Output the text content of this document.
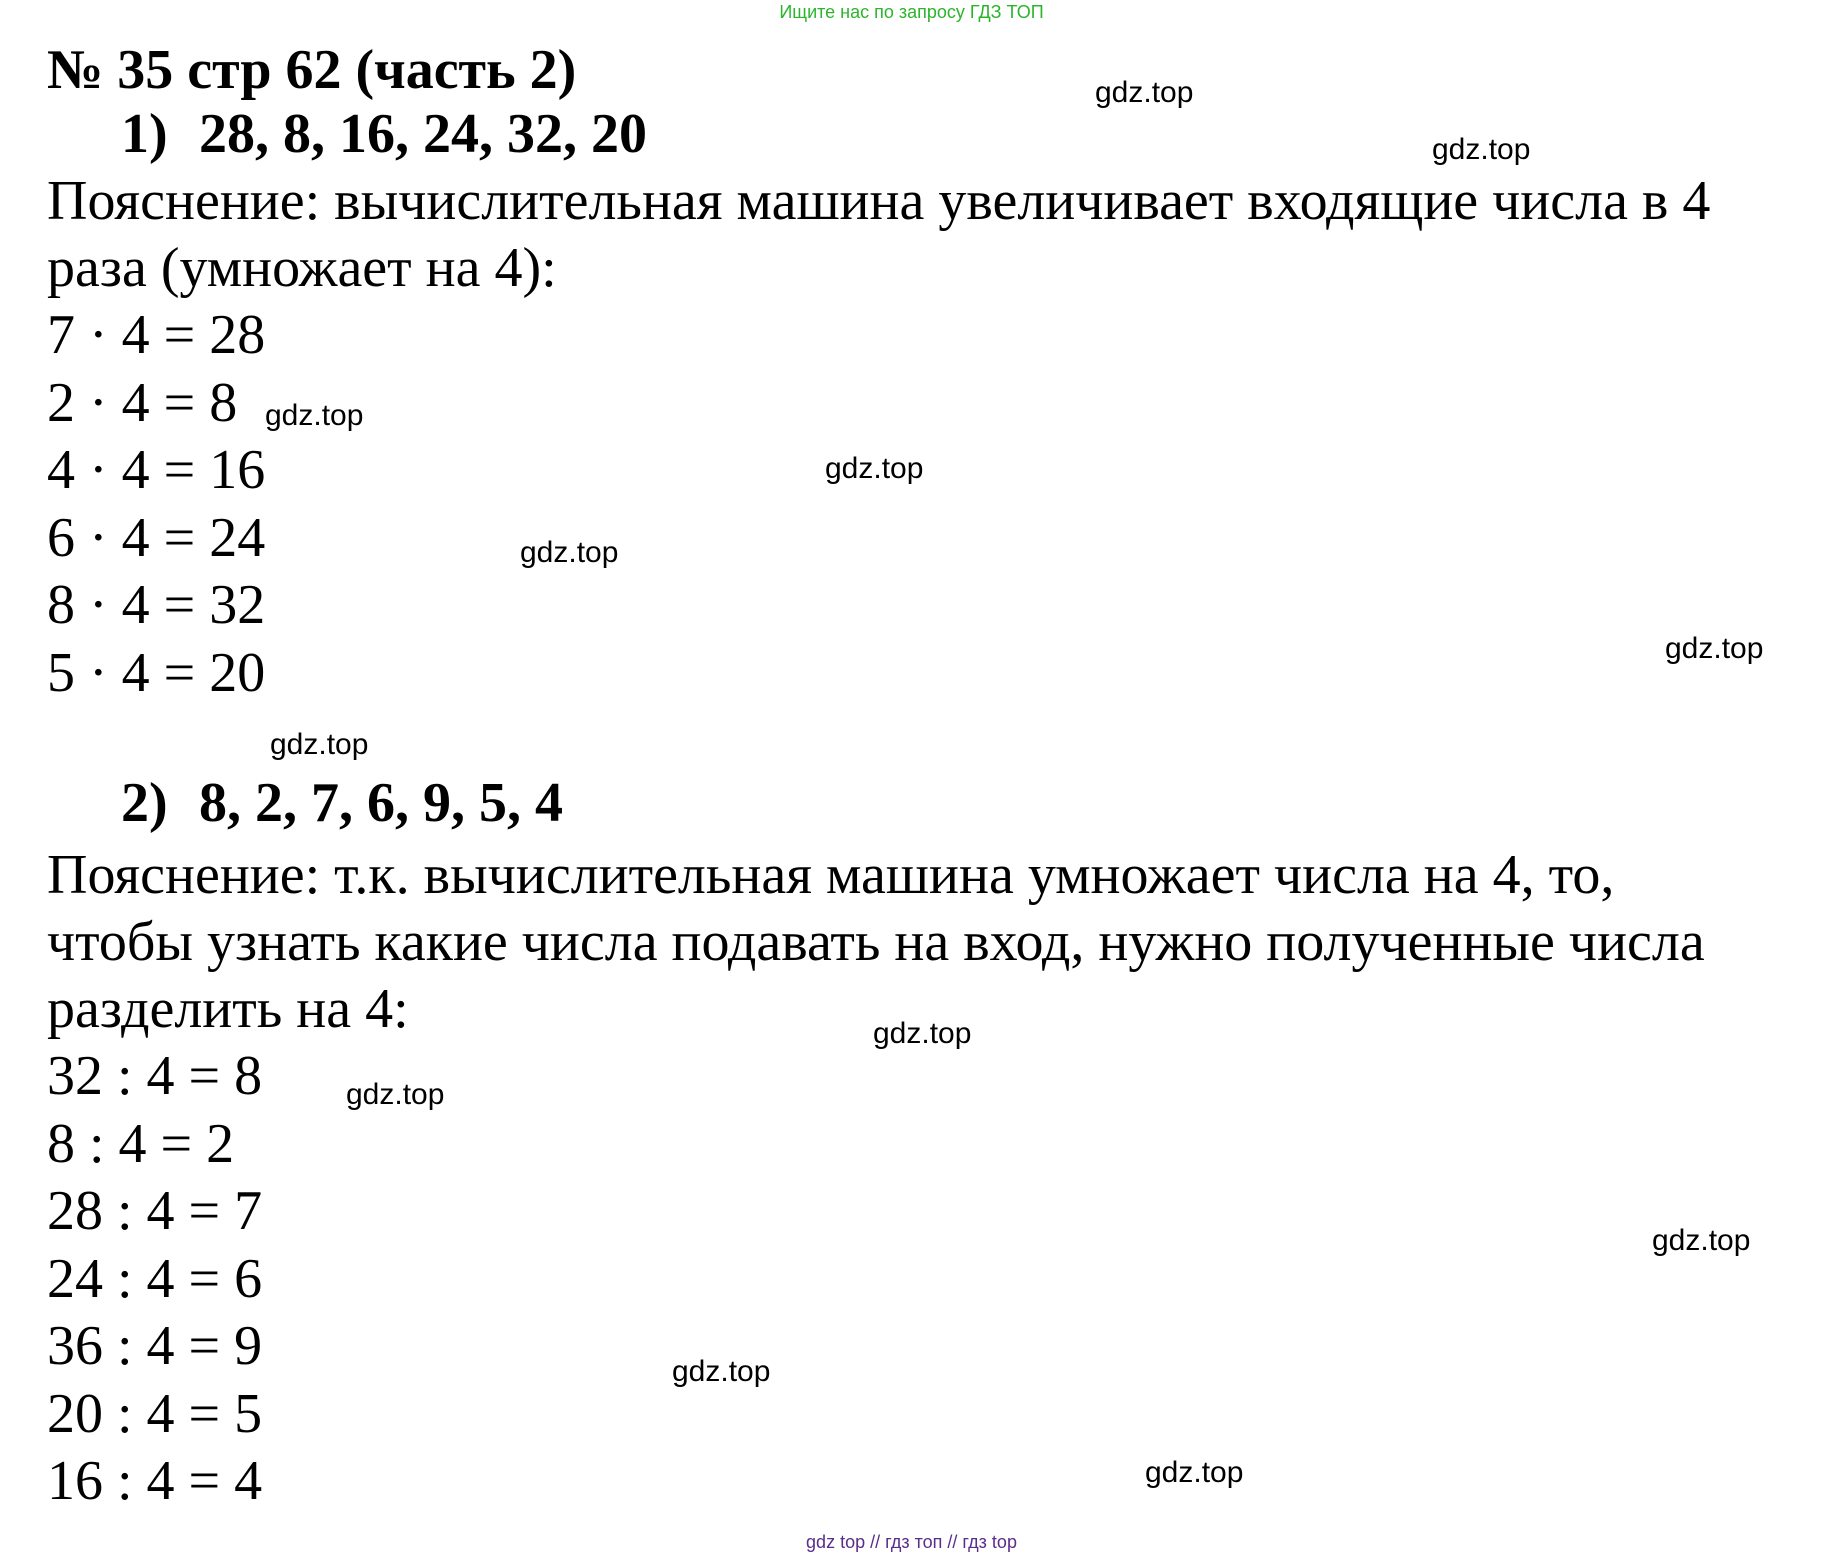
Ищите нас по запросу ГДЗ ТОП
№ 35 стр 62 (часть 2)
1) 28, 8, 16, 24, 32, 20

Пояснение: вычислительная машина увеличивает входящие числа в 4

раза (умножает на 4):

7 · 4 = 28
2 · 4 = 8
4 · 4 = 16
6 · 4 = 24
8 · 4 = 32
5 · 4 = 20
2) 8, 2, 7, 6, 9, 5, 4

Пояснение: т.к. вычислительная машина умножает числа на 4, то,

чтобы узнать какие числа подавать на вход, нужно полученные числа

разделить на 4:

32 : 4 = 8
8 : 4 = 2
28 : 4 = 7
24 : 4 = 6
36 : 4 = 9
20 : 4 = 5
16 : 4 = 4
gdz.top
gdz.top
gdz.top
gdz.top
gdz.top
gdz.top
gdz.top
gdz.top
gdz.top
gdz.top
gdz.top
gdz.top
gdz top // гдз топ // гдз top
